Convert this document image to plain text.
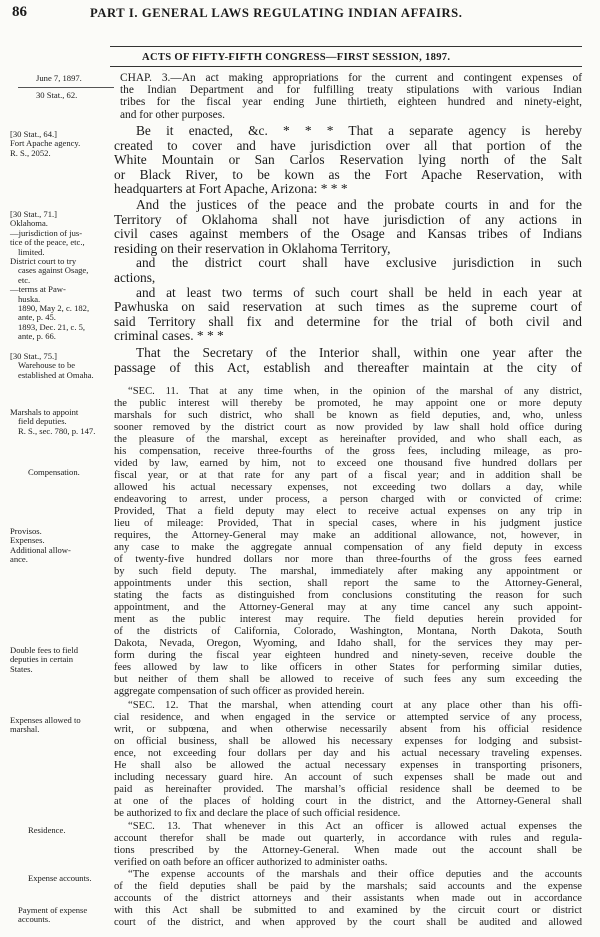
86	PART I. GENERAL LAWS REGULATING INDIAN AFFAIRS.
ACTS OF FIFTY-FIFTH CONGRESS—FIRST SESSION, 1897.
June 7, 1897.
30 Stat., 62.
[30 Stat., 64.]
Fort Apache agency.
R. S., 2052.
[30 Stat., 71.]
Oklahoma.
—jurisdiction of jus-
tice of the peace, etc.,
limited.
District court to try
cases against Osage,
etc.
—terms at Paw-
huska.
1890, May 2, c. 182,
ante, p. 45.
1893, Dec. 21, c. 5,
ante, p. 66.
[30 Stat., 75.]
Warehouse to be
established at Omaha.
Marshals to appoint
field deputies.
R. S., sec. 780, p. 147.
Compensation.
Provisos.
Expenses.
Additional allow-
ance.
Double fees to field
deputies in certain
States.
Expenses allowed to
marshal.
Residence.
Expense accounts.
Payment of expense
accounts.
CHAP. 3.—An act making appropriations for the current and contingent expenses of
the Indian Department and for fulfilling treaty stipulations with various Indian
tribes for the fiscal year ending June thirtieth, eighteen hundred and ninety-eight,
and for other purposes.
Be it enacted, &c. * * * That a separate agency is hereby
created to cover and have jurisdiction over all that portion of the
White Mountain or San Carlos Reservation lying north of the Salt
or Black River, to be kown as the Fort Apache Reservation, with
headquarters at Fort Apache, Arizona: * * *
And the justices of the peace and the probate courts in and for the
Territory of Oklahoma shall not have jurisdiction of any actions in
civil cases against members of the Osage and Kansas tribes of Indians
residing on their reservation in Oklahoma Territory,
and the district court shall have exclusive jurisdiction in such
actions,
and at least two terms of such court shall be held in each year at
Pawhuska on said reservation at such times as the supreme court of
said Territory shall fix and determine for the trial of both civil and
criminal cases. * * *
That the Secretary of the Interior shall, within one year after the
passage of this Act, establish and thereafter maintain at the city of
“SEC. 11. That at any time when, in the opinion of the marshal of any district,
the public interest will thereby be promoted, he may appoint one or more deputy
marshals for such district, who shall be known as field deputies, and, who, unless
sooner removed by the district court as now provided by law shall hold office during
the pleasure of the marshal, except as hereinafter provided, and who shall each, as
his compensation, receive three-fourths of the gross fees, including mileage, as pro-
vided by law, earned by him, not to exceed one thousand five hundred dollars per
fiscal year, or at that rate for any part of a fiscal year; and in addition shall be
allowed his actual necessary expenses, not exceeding two dollars a day, while
endeavoring to arrest, under process, a person charged with or convicted of crime:
Provided, That a field deputy may elect to receive actual expenses on any trip in
lieu of mileage: Provided, That in special cases, where in his judgment justice
requires, the Attorney-General may make an additional allowance, not, however, in
any case to make the aggregate annual compensation of any field deputy in excess
of twenty-five hundred dollars nor more than three-fourths of the gross fees earned
by such field deputy. The marshal, immediately after making any appointment or
appointments under this section, shall report the same to the Attorney-General,
stating the facts as distinguished from conclusions constituting the reason for such
appointment, and the Attorney-General may at any time cancel any such appoint-
ment as the public interest may require. The field deputies herein provided for
of the districts of California, Colorado, Washington, Montana, North Dakota, South
Dakota, Nevada, Oregon, Wyoming, and Idaho shall, for the services they may per-
form during the fiscal year eighteen hundred and ninety-seven, receive double the
fees allowed by law to like officers in other States for performing similar duties,
but neither of them shall be allowed to receive of such fees any sum exceeding the
aggregate compensation of such officer as provided herein.
“SEC. 12. That the marshal, when attending court at any place other than his offi-
cial residence, and when engaged in the service or attempted service of any process,
writ, or subpœna, and when otherwise necessarily absent from his official residence
on official business, shall be allowed his necessary expenses for lodging and subsist-
ence, not exceeding four dollars per day and his actual necessary traveling expenses.
He shall also be allowed the actual necessary expenses in transporting prisoners,
including necessary guard hire. An account of such expenses shall be made out and
paid as hereinafter provided. The marshal’s official residence shall be deemed to be
at one of the places of holding court in the district, and the Attorney-General shall
be authorized to fix and declare the place of such official residence.
“SEC. 13. That whenever in this Act an officer is allowed actual expenses the
account therefor shall be made out quarterly, in accordance with rules and regula-
tions prescribed by the Attorney-General. When made out the account shall be
verified on oath before an officer authorized to administer oaths.
“The expense accounts of the marshals and their office deputies and the accounts
of the field deputies shall be paid by the marshals; said accounts and the expense
accounts of the district attorneys and their assistants when made out in accordance
with this Act shall be submitted to and examined by the circuit court or district
court of the district, and when approved by the court shall be audited and allowed
